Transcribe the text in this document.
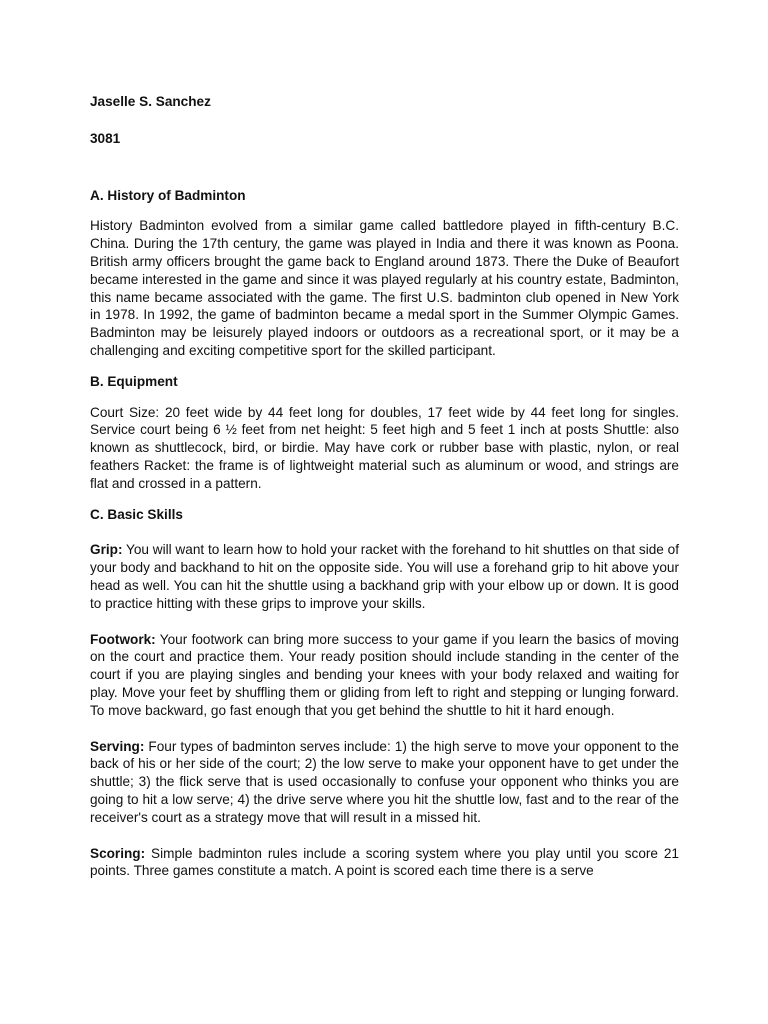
Jaselle S. Sanchez

3081

A. History of Badminton

History Badminton evolved from a similar game called battledore played in fifth-century B.C. China. During the 17th century, the game was played in India and there it was known as Poona. British army officers brought the game back to England around 1873. There the Duke of Beaufort became interested in the game and since it was played regularly at his country estate, Badminton, this name became associated with the game. The first U.S. badminton club opened in New York in 1978. In 1992, the game of badminton became a medal sport in the Summer Olympic Games. Badminton may be leisurely played indoors or outdoors as a recreational sport, or it may be a challenging and exciting competitive sport for the skilled participant.

B. Equipment

Court Size: 20 feet wide by 44 feet long for doubles, 17 feet wide by 44 feet long for singles. Service court being 6 ½ feet from net height: 5 feet high and 5 feet 1 inch at posts Shuttle: also known as shuttlecock, bird, or birdie. May have cork or rubber base with plastic, nylon, or real feathers Racket: the frame is of lightweight material such as aluminum or wood, and strings are flat and crossed in a pattern.

C. Basic Skills

Grip: You will want to learn how to hold your racket with the forehand to hit shuttles on that side of your body and backhand to hit on the opposite side. You will use a forehand grip to hit above your head as well. You can hit the shuttle using a backhand grip with your elbow up or down. It is good to practice hitting with these grips to improve your skills.

Footwork: Your footwork can bring more success to your game if you learn the basics of moving on the court and practice them. Your ready position should include standing in the center of the court if you are playing singles and bending your knees with your body relaxed and waiting for play. Move your feet by shuffling them or gliding from left to right and stepping or lunging forward. To move backward, go fast enough that you get behind the shuttle to hit it hard enough.

Serving: Four types of badminton serves include: 1) the high serve to move your opponent to the back of his or her side of the court; 2) the low serve to make your opponent have to get under the shuttle; 3) the flick serve that is used occasionally to confuse your opponent who thinks you are going to hit a low serve; 4) the drive serve where you hit the shuttle low, fast and to the rear of the receiver's court as a strategy move that will result in a missed hit.

Scoring: Simple badminton rules include a scoring system where you play until you score 21 points. Three games constitute a match. A point is scored each time there is a serve
